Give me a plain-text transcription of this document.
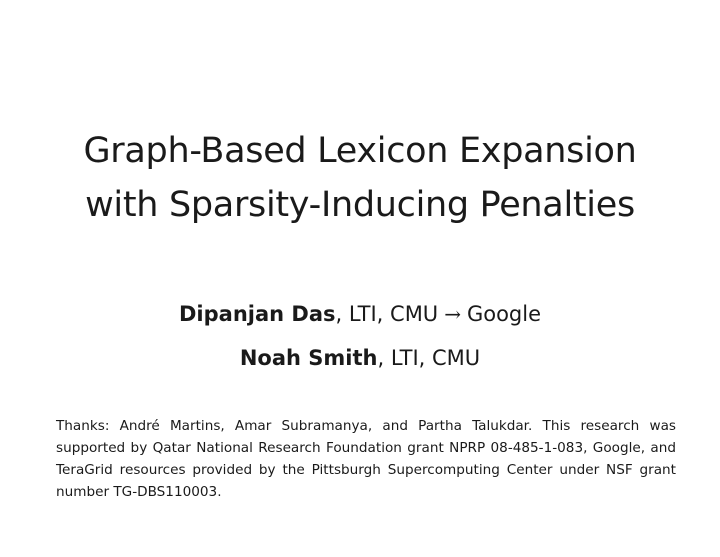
Graph-Based Lexicon Expansion
with Sparsity-Inducing Penalties
Dipanjan Das, LTI, CMU → Google
Noah Smith, LTI, CMU
Thanks: André Martins, Amar Subramanya, and Partha Talukdar. This research was supported by Qatar National Research Foundation grant NPRP 08-485-1-083, Google, and TeraGrid resources provided by the Pittsburgh Supercomputing Center under NSF grant number TG-DBS110003.
